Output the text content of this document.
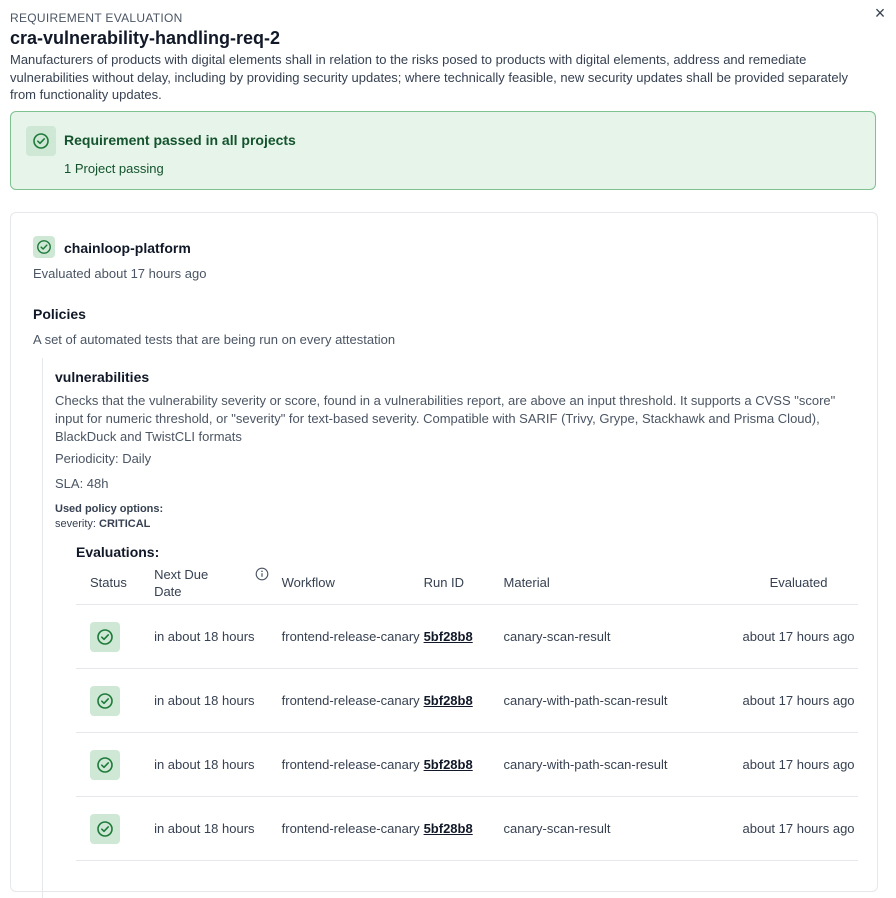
REQUIREMENT EVALUATION	×
cra-vulnerability-handling-req-2
Manufacturers of products with digital elements shall in relation to the risks posed to products with digital elements, address and remediate vulnerabilities without delay, including by providing security updates; where technically feasible, new security updates shall be provided separately from functionality updates.
Requirement passed in all projects
1 Project passing
chainloop-platform
Evaluated about 17 hours ago
Policies
A set of automated tests that are being run on every attestation
vulnerabilities
Checks that the vulnerability severity or score, found in a vulnerabilities report, are above an input threshold. It supports a CVSS "score" input for numeric threshold, or "severity" for text-based severity. Compatible with SARIF (Trivy, Grype, Stackhawk and Prisma Cloud), BlackDuck and TwistCLI formats
Periodicity: Daily
SLA: 48h
Used policy options:
severity: CRITICAL
Evaluations:
Status	Next Due Date	Workflow	Run ID	Material	Evaluated

	in about 18 hours	frontend-release-canary	5bf28b8	canary-scan-result	about 17 hours ago

	in about 18 hours	frontend-release-canary	5bf28b8	canary-with-path-scan-result	about 17 hours ago

	in about 18 hours	frontend-release-canary	5bf28b8	canary-with-path-scan-result	about 17 hours ago

	in about 18 hours	frontend-release-canary	5bf28b8	canary-scan-result	about 17 hours ago
